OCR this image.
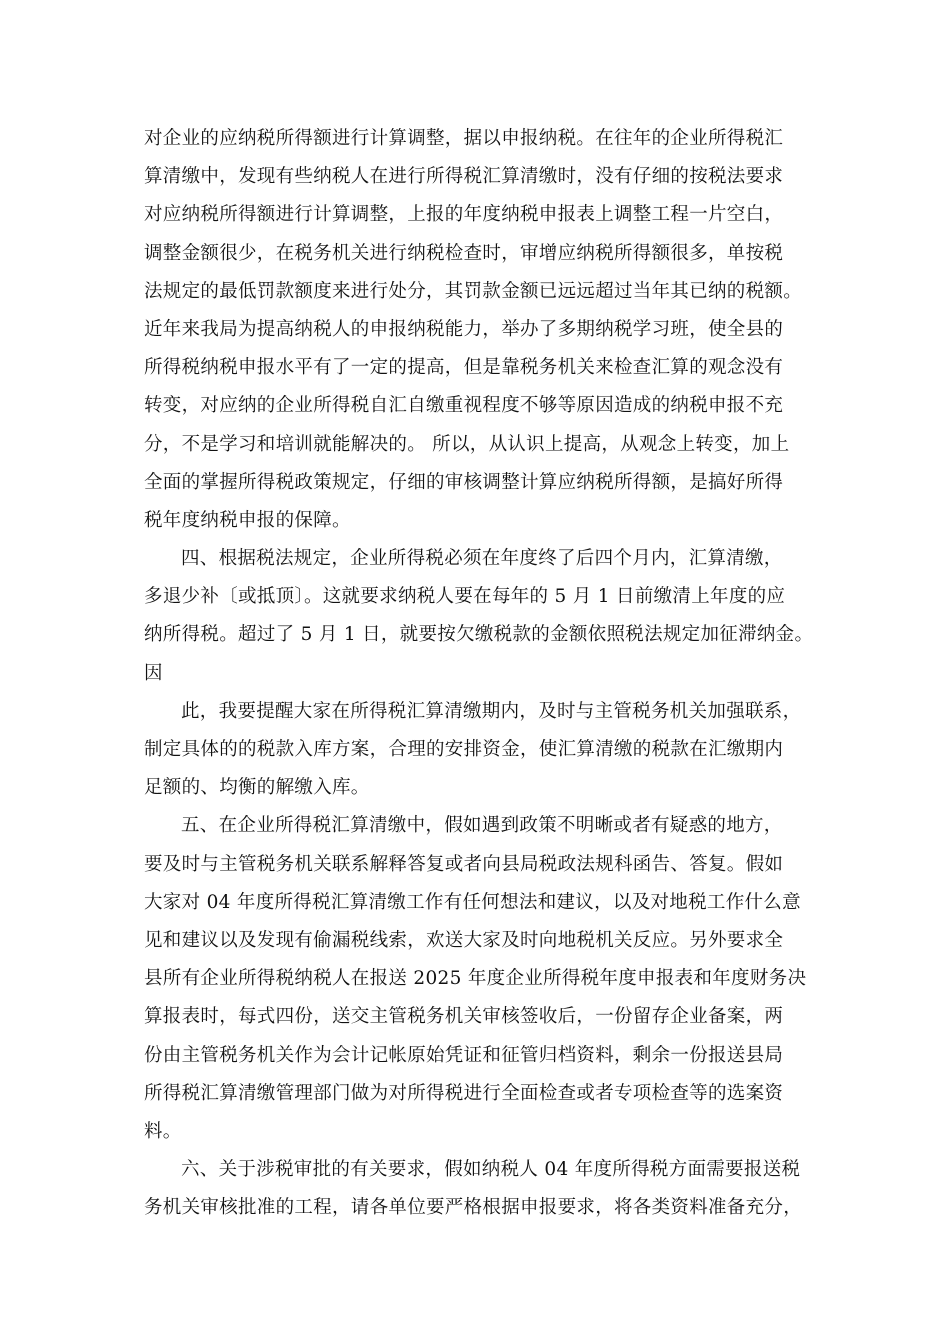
对企业的应纳税所得额进行计算调整，据以申报纳税。在往年的企业所得税汇
算清缴中，发现有些纳税人在进行所得税汇算清缴时，没有仔细的按税法要求
对应纳税所得额进行计算调整，上报的年度纳税申报表上调整工程一片空白，
调整金额很少，在税务机关进行纳税检查时，审增应纳税所得额很多，单按税
法规定的最低罚款额度来进行处分，其罚款金额已远远超过当年其已纳的税额。
近年来我局为提高纳税人的申报纳税能力，举办了多期纳税学习班，使全县的
所得税纳税申报水平有了一定的提高，但是靠税务机关来检查汇算的观念没有
转变，对应纳的企业所得税自汇自缴重视程度不够等原因造成的纳税申报不充
分，不是学习和培训就能解决的。 所以，从认识上提高，从观念上转变，加上
全面的掌握所得税政策规定，仔细的审核调整计算应纳税所得额，是搞好所得
税年度纳税申报的保障。
四、根据税法规定，企业所得税必须在年度终了后四个月内，汇算清缴，
多退少补〔或抵顶〕。这就要求纳税人要在每年的 5 月 1 日前缴清上年度的应
纳所得税。超过了 5 月 1 日，就要按欠缴税款的金额依照税法规定加征滞纳金。
因
此，我要提醒大家在所得税汇算清缴期内，及时与主管税务机关加强联系，
制定具体的的税款入库方案，合理的安排资金，使汇算清缴的税款在汇缴期内
足额的、均衡的解缴入库。
五、在企业所得税汇算清缴中，假如遇到政策不明晰或者有疑惑的地方，
要及时与主管税务机关联系解释答复或者向县局税政法规科函告、答复。假如
大家对 04 年度所得税汇算清缴工作有任何想法和建议，以及对地税工作什么意
见和建议以及发现有偷漏税线索，欢送大家及时向地税机关反应。另外要求全
县所有企业所得税纳税人在报送 2025 年度企业所得税年度申报表和年度财务决
算报表时，每式四份，送交主管税务机关审核签收后，一份留存企业备案，两
份由主管税务机关作为会计记帐原始凭证和征管归档资料，剩余一份报送县局
所得税汇算清缴管理部门做为对所得税进行全面检查或者专项检查等的选案资
料。
六、关于涉税审批的有关要求，假如纳税人 04 年度所得税方面需要报送税
务机关审核批准的工程，请各单位要严格根据申报要求，将各类资料准备充分，
